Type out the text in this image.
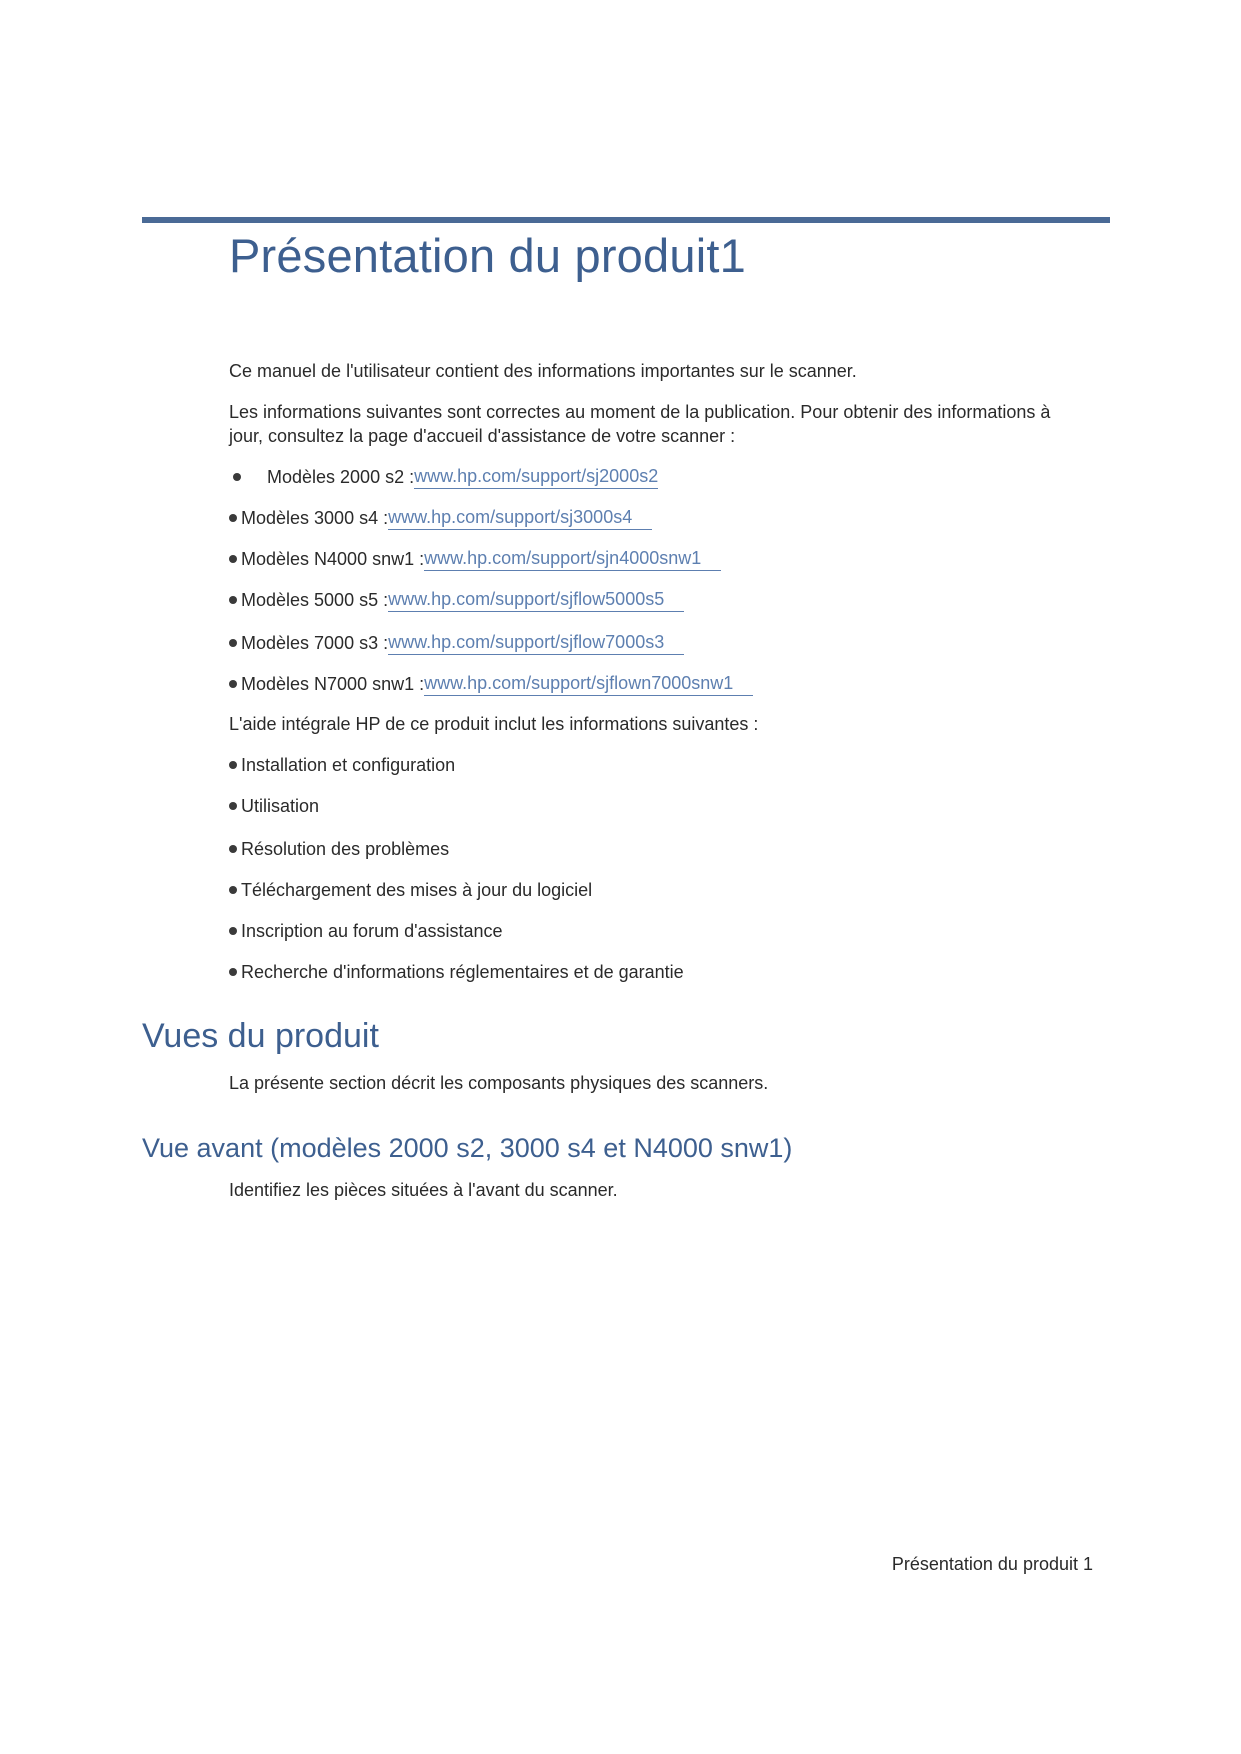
Présentation du produit1

Ce manuel de l'utilisateur contient des informations importantes sur le scanner.

Les informations suivantes sont correctes au moment de la publication. Pour obtenir des informations à jour, consultez la page d'accueil d'assistance de votre scanner :

Modèles 2000 s2 : www.hp.com/support/sj2000s2
Modèles 3000 s4 : www.hp.com/support/sj3000s4
Modèles N4000 snw1 : www.hp.com/support/sjn4000snw1
Modèles 5000 s5 : www.hp.com/support/sjflow5000s5
Modèles 7000 s3 : www.hp.com/support/sjflow7000s3
Modèles N7000 snw1 : www.hp.com/support/sjflown7000snw1

L'aide intégrale HP de ce produit inclut les informations suivantes :

Installation et configuration
Utilisation
Résolution des problèmes
Téléchargement des mises à jour du logiciel
Inscription au forum d'assistance
Recherche d'informations réglementaires et de garantie
Vues du produit

La présente section décrit les composants physiques des scanners.

Vue avant (modèles 2000 s2, 3000 s4 et N4000 snw1)

Identifiez les pièces situées à l'avant du scanner.

Présentation du produit 1
